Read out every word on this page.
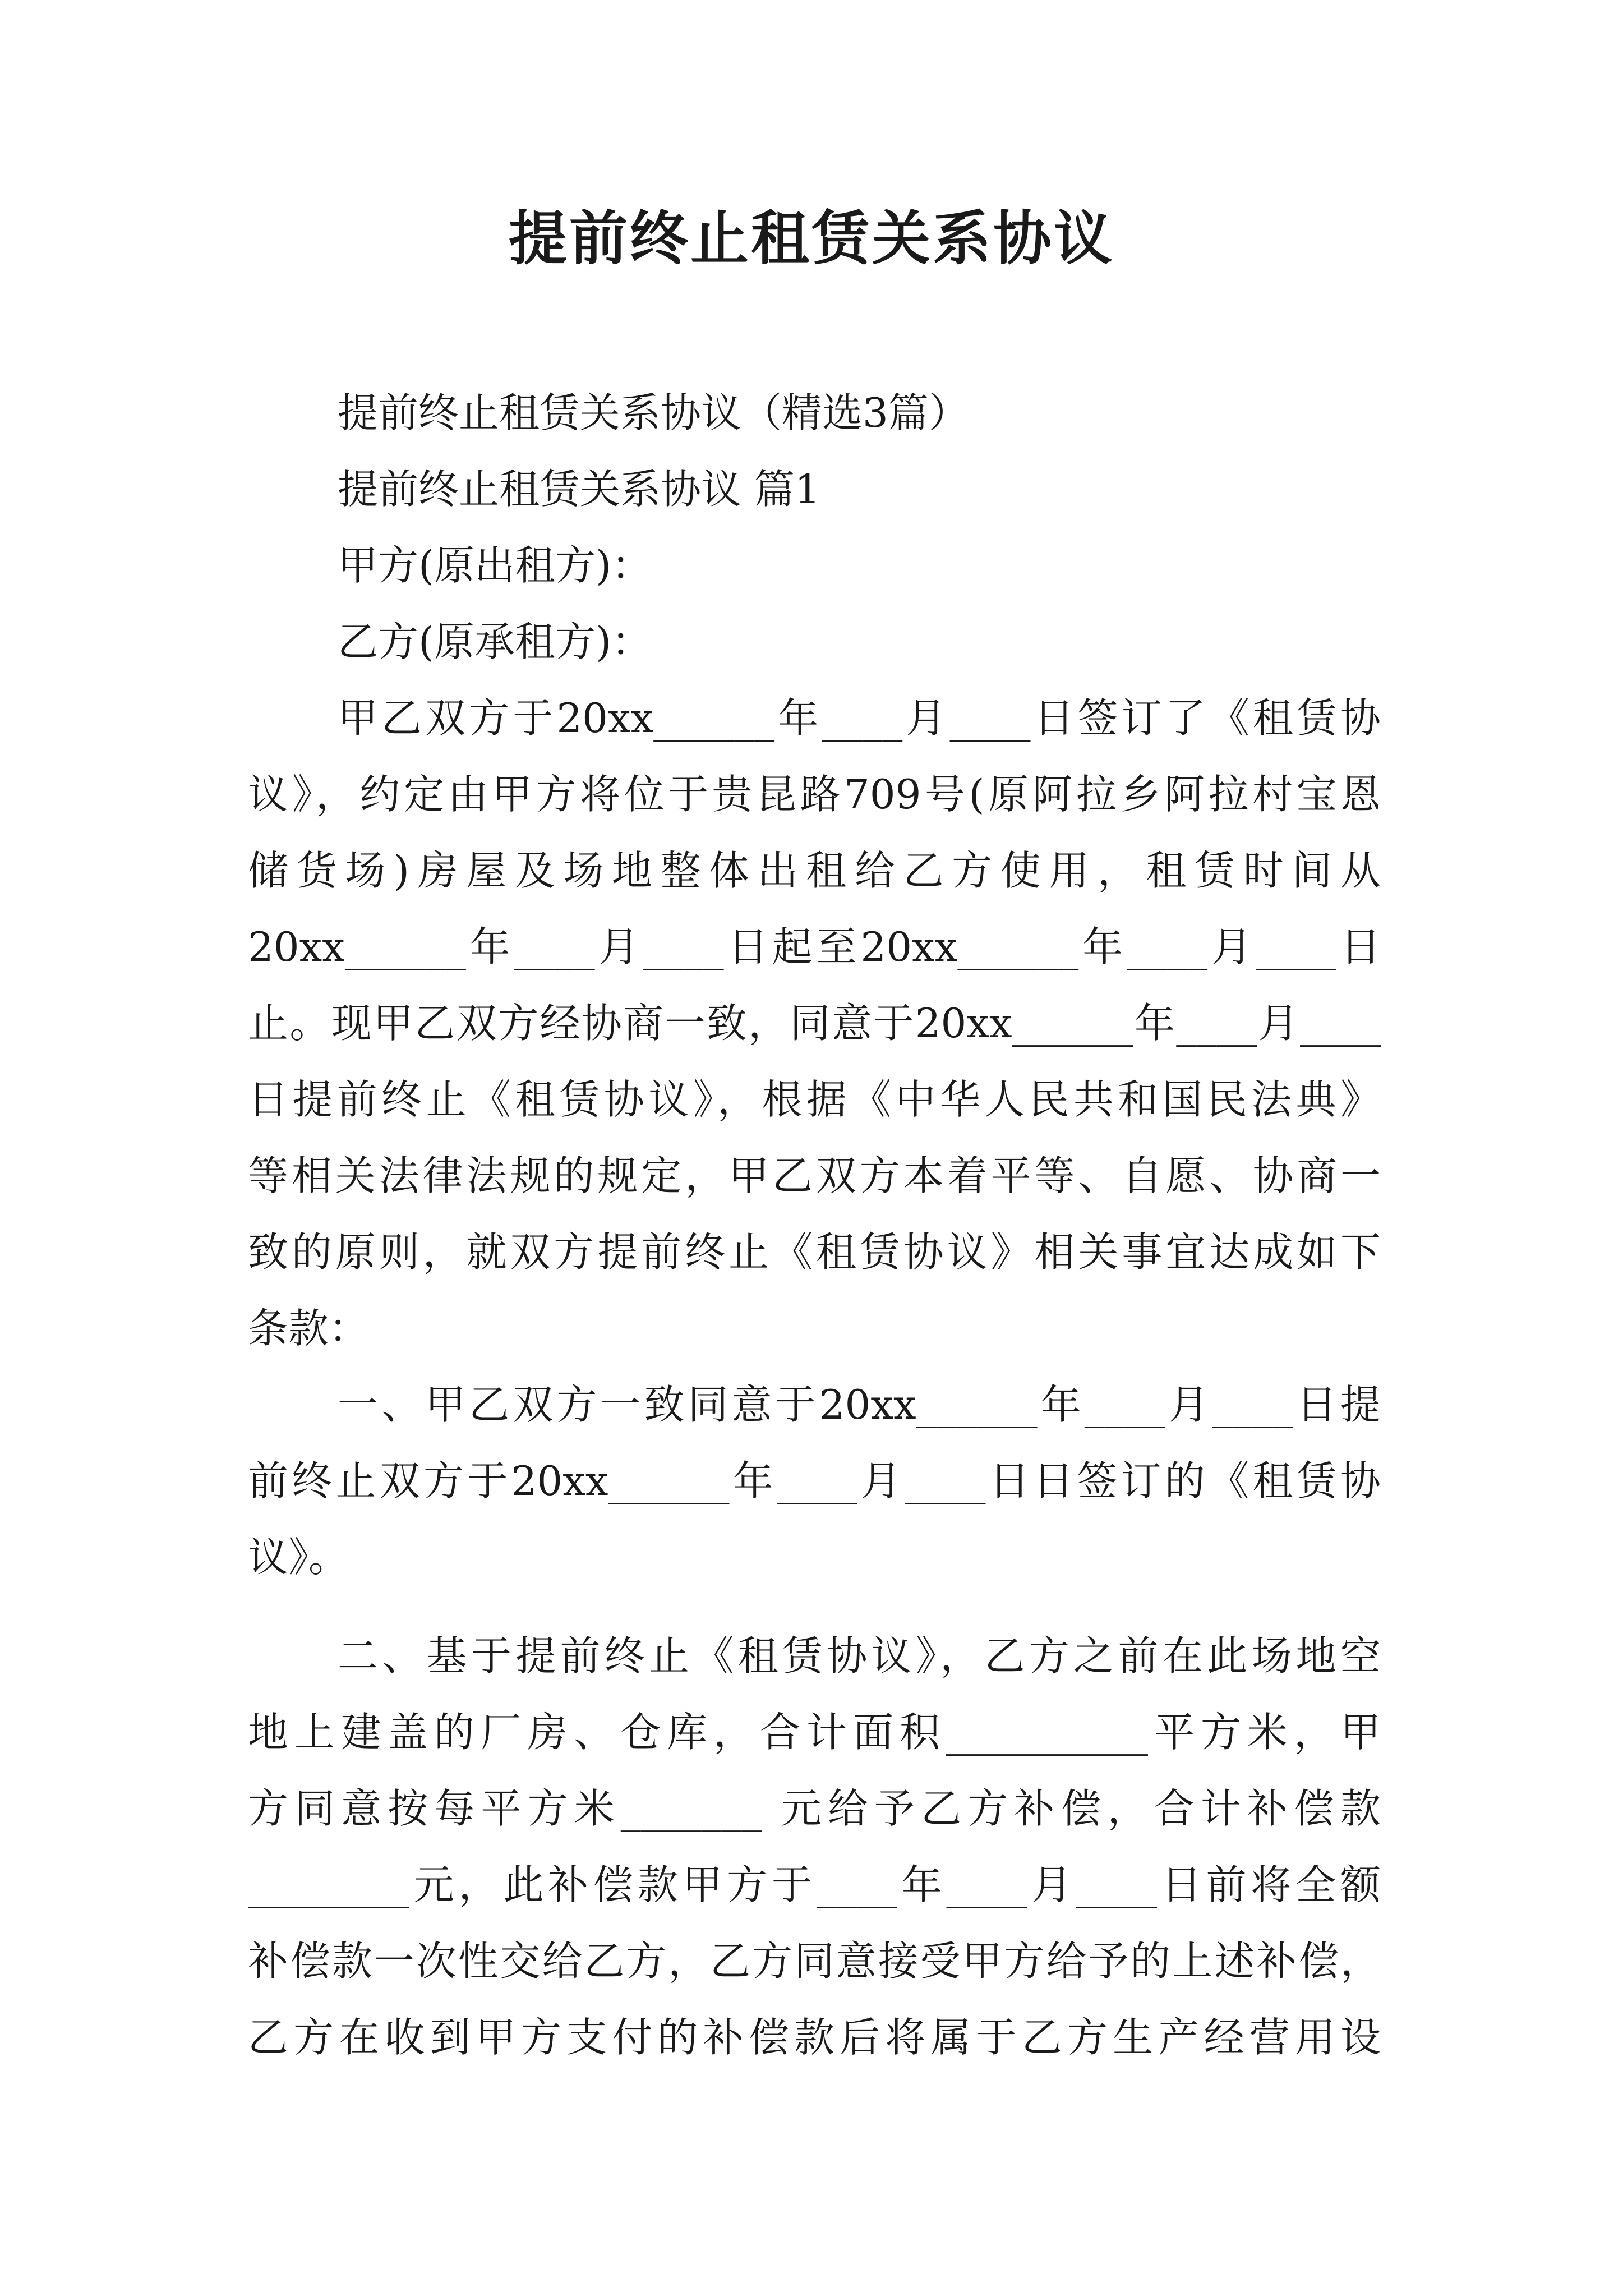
提前终止租赁关系协议
提前终止租赁关系协议（精选3篇）
提前终止租赁关系协议 篇1
甲方(原出租方)：
乙方(原承租方)：
甲乙双方于20xx______年____月____日签订了《租赁协
议》，约定由甲方将位于贵昆路709号(原阿拉乡阿拉村宝恩
储货场)房屋及场地整体出租给乙方使用，租赁时间从
20xx______年____月____日起至20xx______年____月____日
止。现甲乙双方经协商一致，同意于20xx______年____月____
日提前终止《租赁协议》，根据《中华人民共和国民法典》
等相关法律法规的规定，甲乙双方本着平等、自愿、协商一
致的原则，就双方提前终止《租赁协议》相关事宜达成如下
条款：
一、甲乙双方一致同意于20xx______年____月____日提
前终止双方于20xx______年____月____日日签订的《租赁协
议》。
二、基于提前终止《租赁协议》，乙方之前在此场地空
地上建盖的厂房、仓库，合计面积__________平方米，甲
方同意按每平方米_______ 元给予乙方补偿，合计补偿款
________元，此补偿款甲方于____年____月____日前将全额
补偿款一次性交给乙方，乙方同意接受甲方给予的上述补偿，
乙方在收到甲方支付的补偿款后将属于乙方生产经营用设
